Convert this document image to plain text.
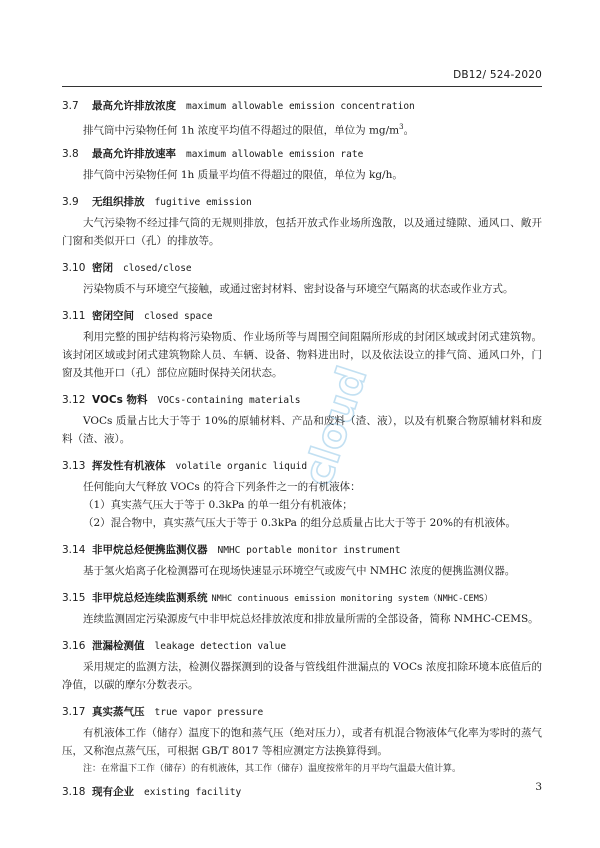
DB12/ 524-2020
cloud
3.7 最高允许排放浓度 maximum allowable emission concentration
排气筒中污染物任何 1h 浓度平均值不得超过的限值，单位为 $mg/m^3$。
3.8 最高允许排放速率 maximum allowable emission rate
排气筒中污染物任何 1h 质量平均值不得超过的限值，单位为 kg/h。
3.9 无组织排放 fugitive emission
大气污染物不经过排气筒的无规则排放，包括开放式作业场所逸散，以及通过缝隙、通风口、敞开门窗和类似开口（孔）的排放等。
3.10 密闭 closed/close
污染物质不与环境空气接触，或通过密封材料、密封设备与环境空气隔离的状态或作业方式。
3.11 密闭空间 closed space
利用完整的围护结构将污染物质、作业场所等与周围空间阻隔所形成的封闭区域或封闭式建筑物。该封闭区域或封闭式建筑物除人员、车辆、设备、物料进出时，以及依法设立的排气筒、通风口外，门窗及其他开口（孔）部位应随时保持关闭状态。
3.12 VOCs 物料 VOCs-containing materials
VOCs 质量占比大于等于 10%的原辅材料、产品和废料（渣、液），以及有机聚合物原辅材料和废料（渣、液）。
3.13 挥发性有机液体 volatile organic liquid
任何能向大气释放 VOCs 的符合下列条件之一的有机液体：
（1）真实蒸气压大于等于 0.3kPa 的单一组分有机液体；
（2）混合物中，真实蒸气压大于等于 0.3kPa 的组分总质量占比大于等于 20%的有机液体。
3.14 非甲烷总烃便携监测仪器 NMHC portable monitor instrument
基于氢火焰离子化检测器可在现场快速显示环境空气或废气中 NMHC 浓度的便携监测仪器。
3.15 非甲烷总烃连续监测系统 NMHC continuous emission monitoring system（NMHC-CEMS）
连续监测固定污染源废气中非甲烷总烃排放浓度和排放量所需的全部设备，简称 NMHC-CEMS。
3.16 泄漏检测值 leakage detection value
采用规定的监测方法，检测仪器探测到的设备与管线组件泄漏点的 VOCs 浓度扣除环境本底值后的净值，以碳的摩尔分数表示。
3.17 真实蒸气压 true vapor pressure
有机液体工作（储存）温度下的饱和蒸气压（绝对压力），或者有机混合物液体气化率为零时的蒸气压，又称泡点蒸气压，可根据 GB/T 8017 等相应测定方法换算得到。
注：在常温下工作（储存）的有机液体，其工作（储存）温度按常年的月平均气温最大值计算。
3.18 现有企业 existing facility	3
